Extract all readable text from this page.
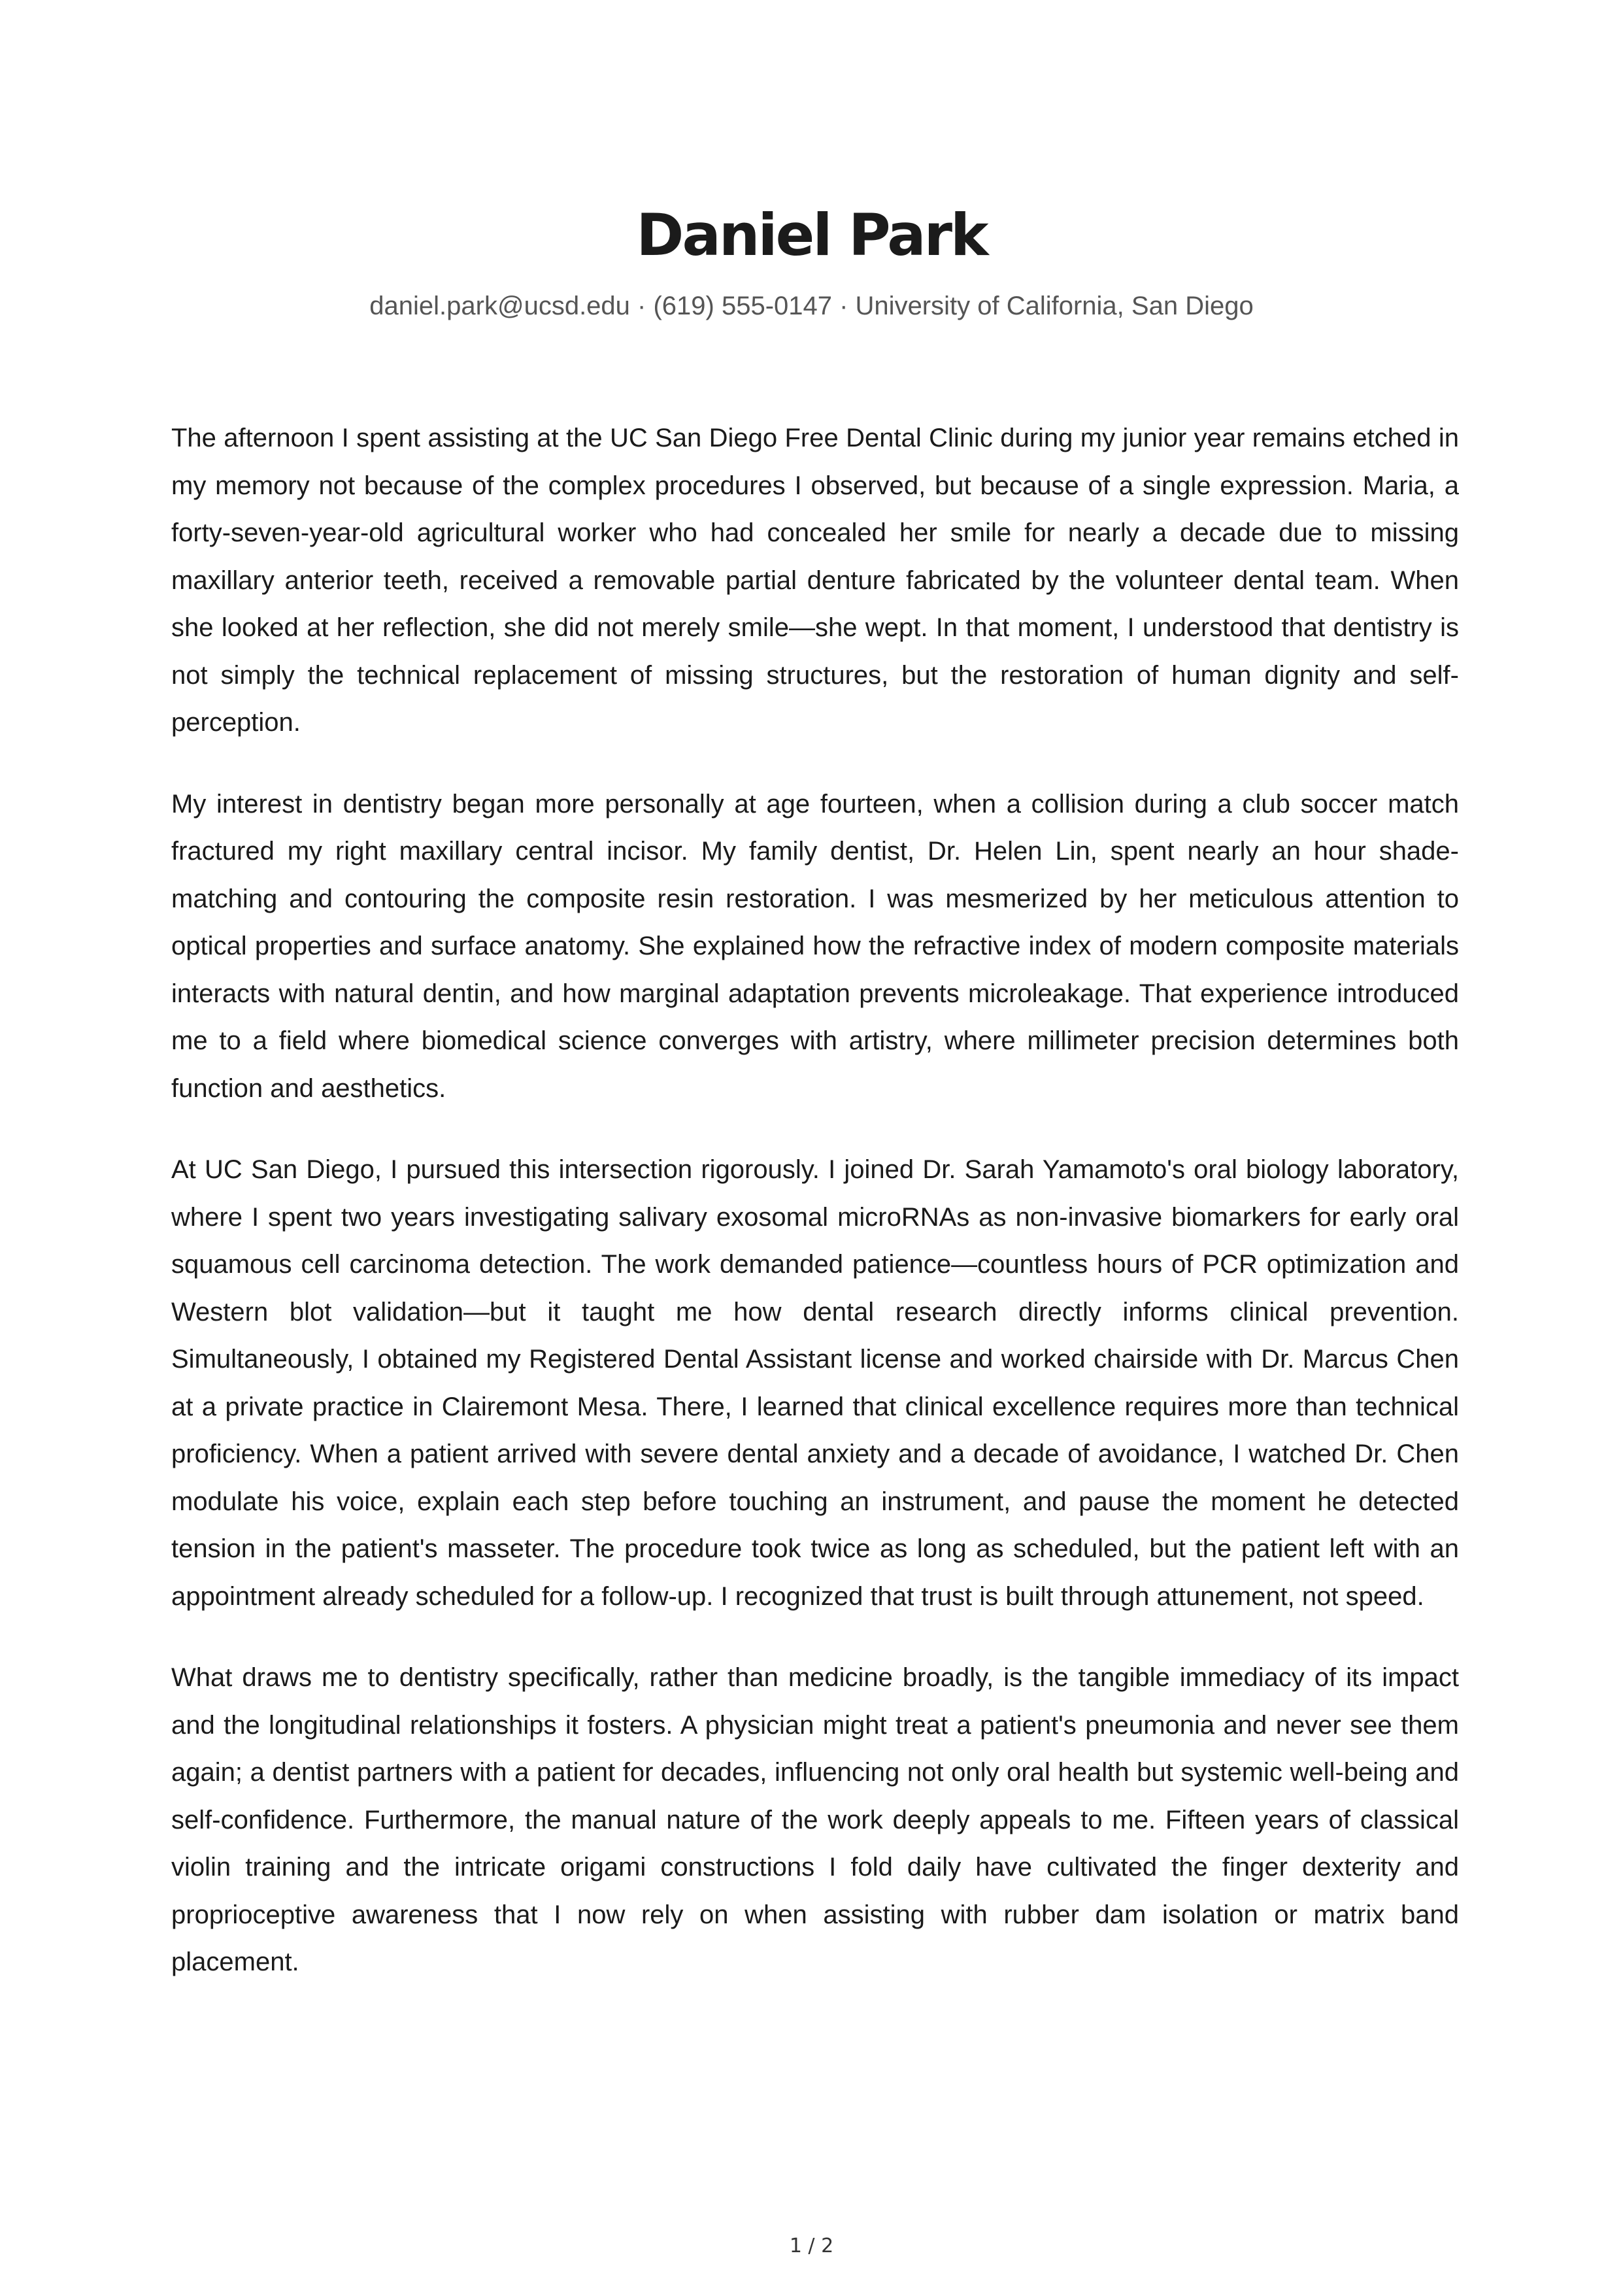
Daniel Park
daniel.park@ucsd.edu · (619) 555-0147 · University of California, San Diego

The afternoon I spent assisting at the UC San Diego Free Dental Clinic during my junior year remains etched in my memory not because of the complex procedures I observed, but because of a single expression. Maria, a forty-seven-year-old agricultural worker who had concealed her smile for nearly a decade due to missing maxillary anterior teeth, received a removable partial denture fabricated by the volunteer dental team. When she looked at her reflection, she did not merely smile—she wept. In that moment, I understood that dentistry is not simply the technical replacement of missing structures, but the restoration of human dignity and self-perception.

My interest in dentistry began more personally at age fourteen, when a collision during a club soccer match fractured my right maxillary central incisor. My family dentist, Dr. Helen Lin, spent nearly an hour shade-matching and contouring the composite resin restoration. I was mesmerized by her meticulous attention to optical properties and surface anatomy. She explained how the refractive index of modern composite materials interacts with natural dentin, and how marginal adaptation prevents microleakage. That experience introduced me to a field where biomedical science converges with artistry, where millimeter precision determines both function and aesthetics.

At UC San Diego, I pursued this intersection rigorously. I joined Dr. Sarah Yamamoto's oral biology laboratory, where I spent two years investigating salivary exosomal microRNAs as non-invasive biomarkers for early oral squamous cell carcinoma detection. The work demanded patience—countless hours of PCR optimization and Western blot validation—but it taught me how dental research directly informs clinical prevention. Simultaneously, I obtained my Registered Dental Assistant license and worked chairside with Dr. Marcus Chen at a private practice in Clairemont Mesa. There, I learned that clinical excellence requires more than technical proficiency. When a patient arrived with severe dental anxiety and a decade of avoidance, I watched Dr. Chen modulate his voice, explain each step before touching an instrument, and pause the moment he detected tension in the patient's masseter. The procedure took twice as long as scheduled, but the patient left with an appointment already scheduled for a follow-up. I recognized that trust is built through attunement, not speed.

What draws me to dentistry specifically, rather than medicine broadly, is the tangible immediacy of its impact and the longitudinal relationships it fosters. A physician might treat a patient's pneumonia and never see them again; a dentist partners with a patient for decades, influencing not only oral health but systemic well-being and self-confidence. Furthermore, the manual nature of the work deeply appeals to me. Fifteen years of classical violin training and the intricate origami constructions I fold daily have cultivated the finger dexterity and proprioceptive awareness that I now rely on when assisting with rubber dam isolation or matrix band placement.

1 / 2
